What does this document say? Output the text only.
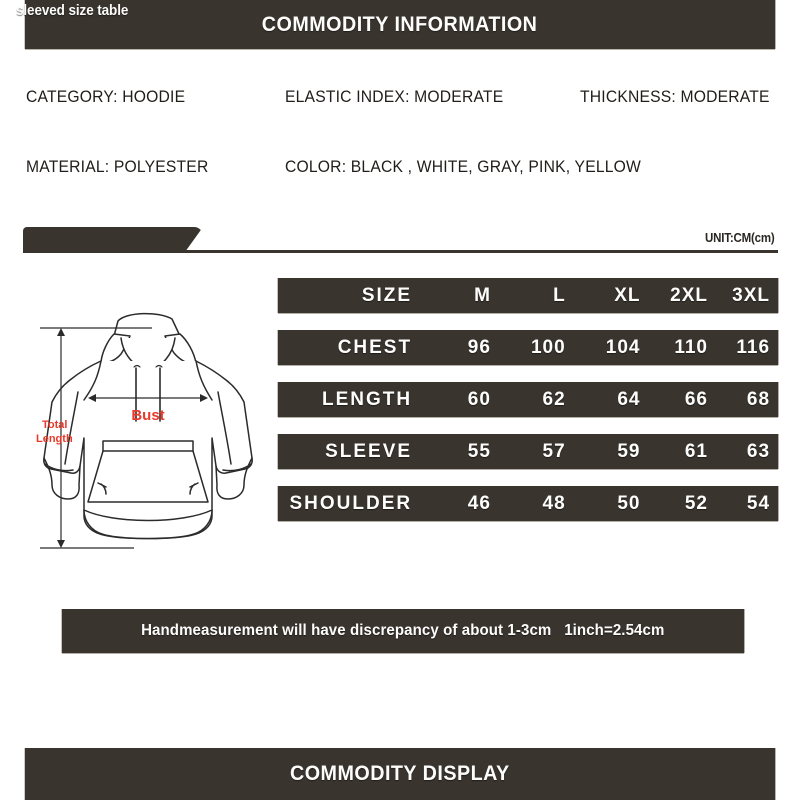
COMMODITY INFORMATION
CATEGORY: HOODIE	ELASTIC INDEX: MODERATE	THICKNESS: MODERATE
MATERIAL: POLYESTER	COLOR: BLACK , WHITE, GRAY, PINK, YELLOW
sleeved size table
UNIT:CM(cm)
Bust
Total
Length
SIZE	M	L	XL	2XL	3XL
CHEST	96	100	104	110	116
LENGTH	60	62	64	66	68
SLEEVE	55	57	59	61	63
SHOULDER	46	48	50	52	54
Handmeasurement will have discrepancy of about 1-3cm   1inch=2.54cm
COMMODITY DISPLAY
